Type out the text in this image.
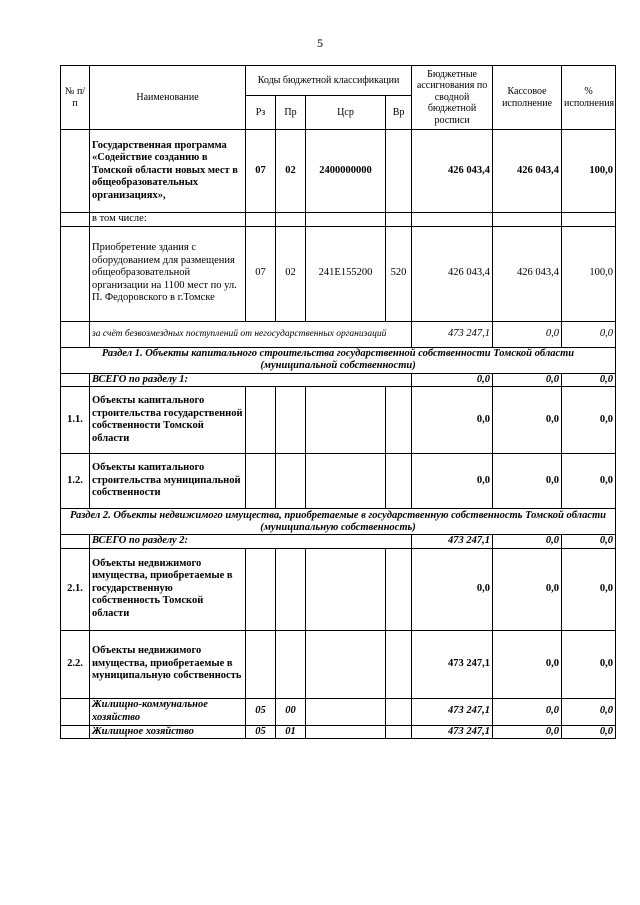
5
№ п/п	Наименование	Коды бюджетной классификации				Бюджетные ассигнования по сводной бюджетной росписи	Кассовое исполнение	% исполнения
		Рз	Пр	Цср	Вр			
	Государственная программа «Содействие созданию в Томской области новых мест в общеобразовательных организациях»,	07	02	2400000000		426 043,4	426 043,4	100,0
	в том числе:							
	Приобретение здания с оборудованием для размещения общеобразовательной организации на 1100 мест по ул. П. Федоровского в г.Томске	07	02	241E155200	520	426 043,4	426 043,4	100,0
	за счёт безвозмездных поступлений от негосударственных организаций					473 247,1	0,0	0,0
Раздел 1. Объекты капитального строительства государственной собственности Томской области (муниципальной собственности)								
	ВСЕГО по разделу 1:					0,0	0,0	0,0
1.1.	Объекты капитального строительства государственной собственности Томской области					0,0	0,0	0,0
1.2.	Объекты капитального строительства муниципальной собственности					0,0	0,0	0,0
Раздел 2. Объекты недвижимого имущества, приобретаемые в государственную собственность Томской области (муниципальную собственность)								
	ВСЕГО по разделу 2:					473 247,1	0,0	0,0
2.1.	Объекты недвижимого имущества, приобретаемые в государственную собственность Томской области					0,0	0,0	0,0
2.2.	Объекты недвижимого имущества, приобретаемые в муниципальную собственность					473 247,1	0,0	0,0
	Жилищно-коммунальное хозяйство	05	00			473 247,1	0,0	0,0
	Жилищное хозяйство	05	01			473 247,1	0,0	0,0
